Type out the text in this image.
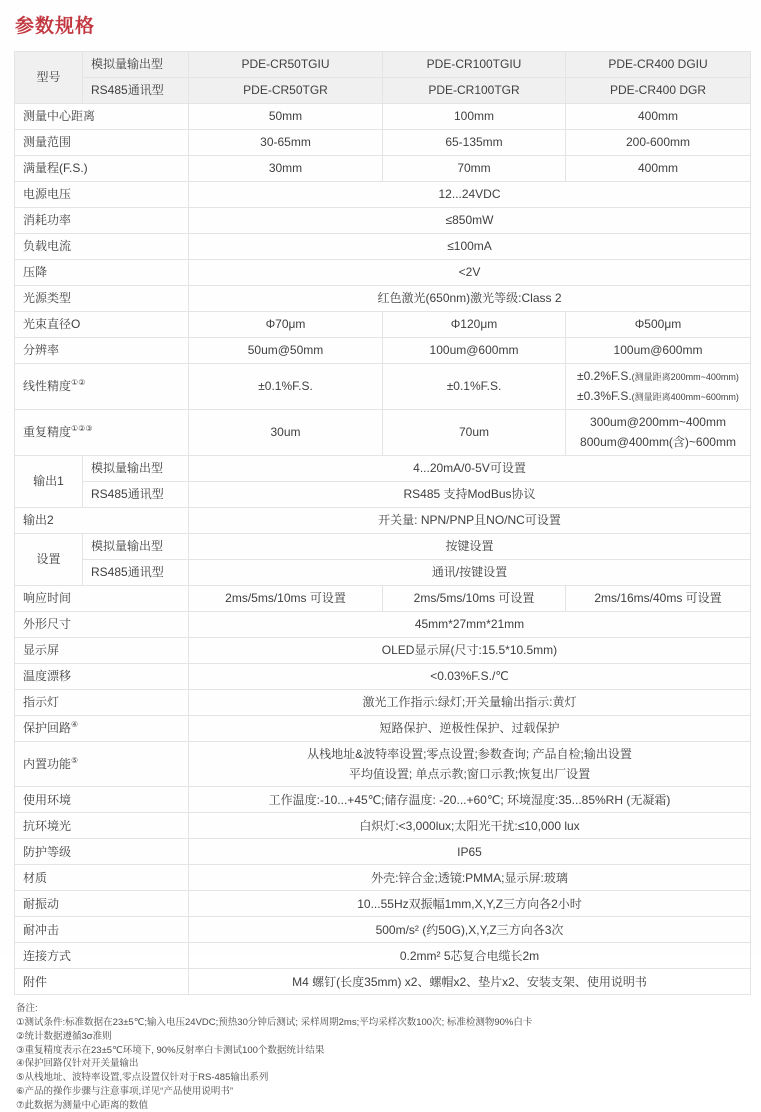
参数规格
型号	模拟量输出型	PDE-CR50TGIU	PDE-CR100TGIU	PDE-CR400 DGIU

	RS485通讯型	PDE-CR50TGR	PDE-CR100TGR	PDE-CR400 DGR

测量中心距离		50mm	100mm	400mm

测量范围		30-65mm	65-135mm	200-600mm

满量程(F.S.)		30mm	70mm	400mm

电源电压		12...24VDC		

消耗功率		≤850mW		

负载电流		≤100mA		

压降		<2V		

光源类型		红色激光(650nm)激光等级:Class 2		

光束直径O		Φ70μm	Φ120μm	Φ500μm

分辨率		50um@50mm	100um@600mm	100um@600mm

线性精度①②		±0.1%F.S.	±0.1%F.S.	±0.2%F.S.(测量距离200mm~400mm)
±0.3%F.S.(测量距离400mm~600mm)

重复精度①②③		30um	70um	300um@200mm~400mm
800um@400mm(含)~600mm

输出1	模拟量输出型	4...20mA/0-5V可设置		

	RS485通讯型	RS485 支持ModBus协议		

输出2		开关量: NPN/PNP且NO/NC可设置		

设置	模拟量输出型	按键设置		

	RS485通讯型	通讯/按键设置		

响应时间		2ms/5ms/10ms 可设置	2ms/5ms/10ms 可设置	2ms/16ms/40ms 可设置

外形尺寸		45mm*27mm*21mm		

显示屏		OLED显示屏(尺寸:15.5*10.5mm)		

温度漂移		<0.03%F.S./℃		

指示灯		激光工作指示:绿灯;开关量输出指示:黄灯		

保护回路④		短路保护、逆极性保护、过载保护		

内置功能⑤		从栈地址&波特率设置;零点设置;参数查询; 产品自检;输出设置
平均值设置; 单点示教;窗口示教;恢复出厂设置		

使用环境		工作温度:-10...+45℃;储存温度: -20...+60℃; 环境湿度:35...85%RH (无凝霜)		

抗环境光		白炽灯:<3,000lux;太阳光干扰:≤10,000 lux		

防护等级		IP65		

材质		外壳:锌合金;透镜:PMMA;显示屏:玻璃		

耐振动		10...55Hz双振幅1mm,X,Y,Z三方向各2小时		

耐冲击		500m/s² (约50G),X,Y,Z三方向各3次		

连接方式		0.2mm² 5芯复合电缆长2m		

附件		M4 螺钉(长度35mm) x2、螺帽x2、垫片x2、安装支架、使用说明书		
备注:
①测试条件:标准数据在23±5℃;输入电压24VDC;预热30分钟后测试; 采样周期2ms;平均采样次数100次; 标准检测物90%白卡
②统计数据遵循3σ准则
③重复精度表示在23±5℃环境下, 90%反射率白卡测试100个数据统计结果
④保护回路仅针对开关量输出
⑤从栈地址、波特率设置,零点设置仅针对于RS-485输出系列
⑥产品的操作步骤与注意事项,详见“产品使用说明书”
⑦此数据为测量中心距离的数值
